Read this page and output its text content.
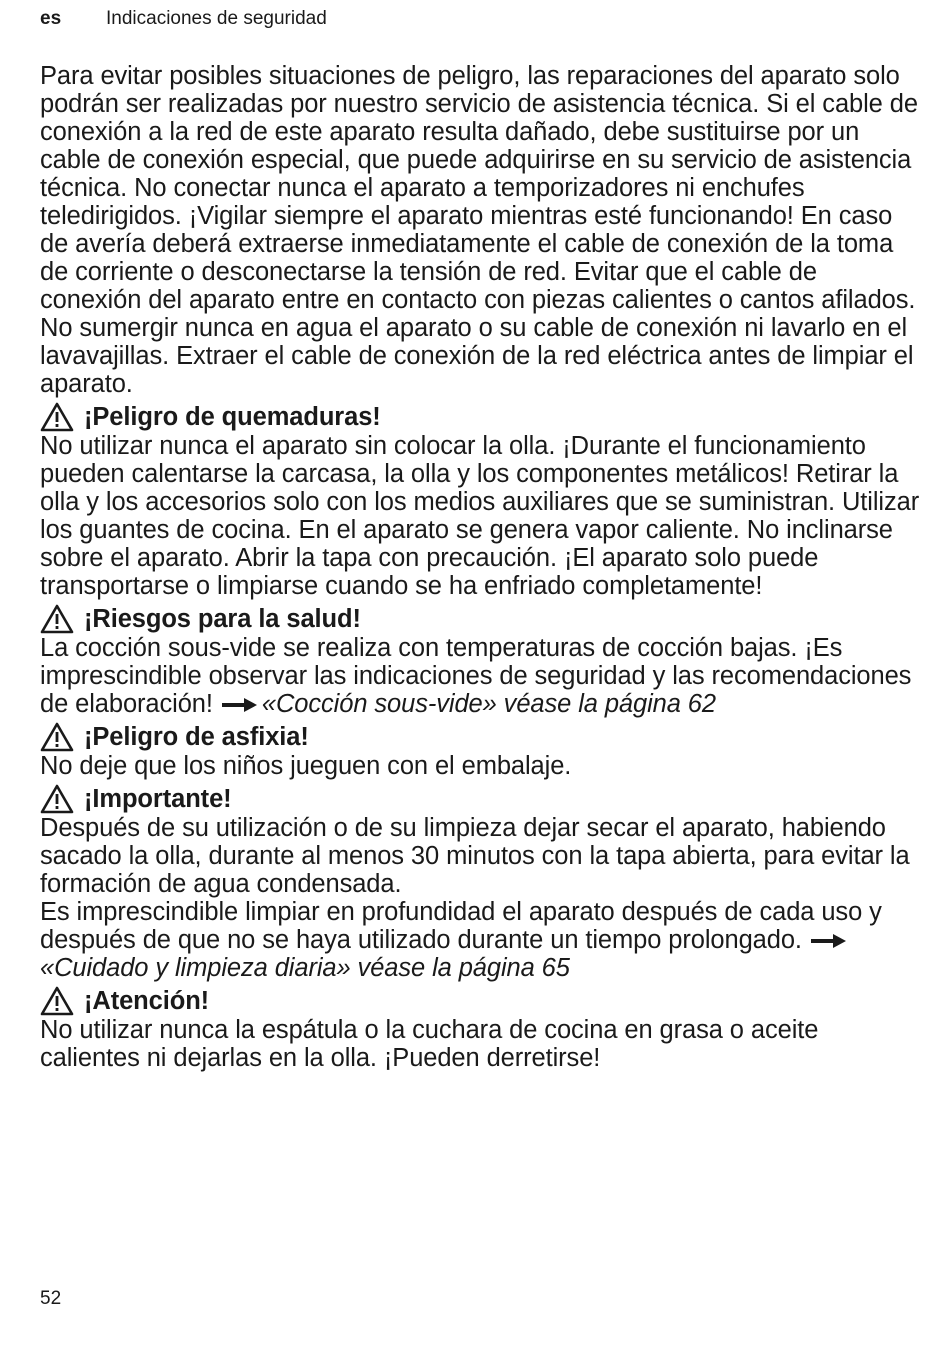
es Indicaciones de seguridad

Para evitar posibles situaciones de peligro, las reparaciones del aparato solo podrán ser realizadas por nuestro servicio de asistencia técnica. Si el cable de conexión a la red de este aparato resulta dañado, debe sustituirse por un cable de conexión especial, que puede adquirirse en su servicio de asistencia técnica. No conectar nunca el aparato a temporizadores ni enchufes teledirigidos. ¡Vigilar siempre el aparato mientras esté funcionando! En caso de avería deberá extraerse inmediatamente el cable de conexión de la toma de corriente o desconectarse la tensión de red. Evitar que el cable de conexión del aparato entre en contacto con piezas calientes o cantos afilados. No sumergir nunca en agua el aparato o su cable de conexión ni lavarlo en el lavavajillas. Extraer el cable de conexión de la red eléctrica antes de limpiar el aparato.

¡Peligro de quemaduras!

No utilizar nunca el aparato sin colocar la olla. ¡Durante el funcionamiento pueden calentarse la carcasa, la olla y los componentes metálicos! Retirar la olla y los accesorios solo con los medios auxiliares que se suministran. Utilizar los guantes de cocina. En el aparato se genera vapor caliente. No inclinarse sobre el aparato. Abrir la tapa con precaución. ¡El aparato solo puede transportarse o limpiarse cuando se ha enfriado completamente!

¡Riesgos para la salud!

La cocción sous-vide se realiza con temperaturas de cocción bajas. ¡Es imprescindible observar las indicaciones de seguridad y las recomendaciones de elaboración! «Cocción sous-vide» véase la página 62

¡Peligro de asfixia!

No deje que los niños jueguen con el embalaje.

¡Importante!

Después de su utilización o de su limpieza dejar secar el aparato, habiendo sacado la olla, durante al menos 30 minutos con la tapa abierta, para evitar la formación de agua condensada.

Es imprescindible limpiar en profundidad el aparato después de cada uso y después de que no se haya utilizado durante un tiempo prolongado. «Cuidado y limpieza diaria» véase la página 65

¡Atención!

No utilizar nunca la espátula o la cuchara de cocina en grasa o aceite calientes ni dejarlas en la olla. ¡Pueden derretirse!

52
